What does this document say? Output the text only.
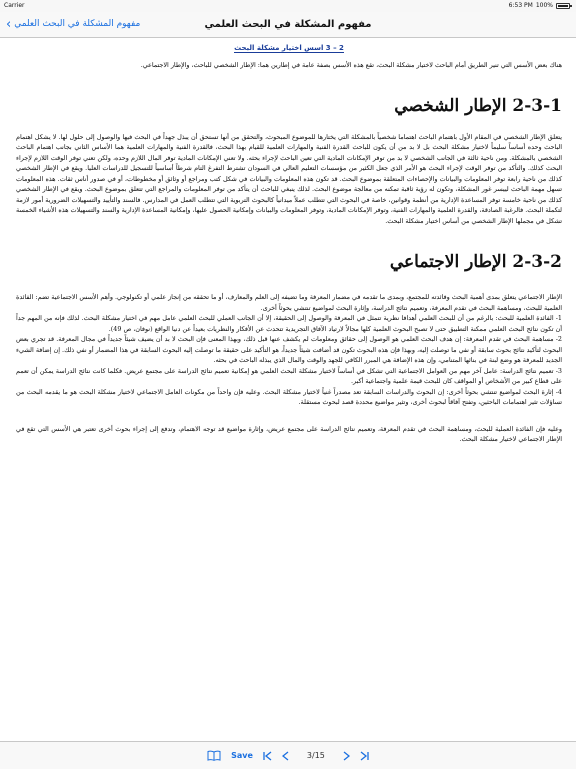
Carrier	6:53 PM 100%
مفهوم المشكلة في البحث العلمي
‹ مفهوم المشكلة في البحث العلمي
2 – 3 اسس اختيار مشكلة البحث

هناك بعض الأسس التي تنير الطريق أمام الباحث لاختيار مشكلة البحث، تقع هذه الأسس بصفة عامة في إطارين هما: الإطار الشخصي للباحث، والإطار الاجتماعي.

2-3-1 الإطار الشخصي

يتعلق الإطار الشخصي في المقام الأول باهتمام الباحث اهتماما شخصياً بالمشكلة التي يختارها للموضوع المبحوث، والتحقق من أنها تستحق أن يبذل جهداً في البحث فيها والوصول إلى حلول لها. لا يشكل اهتمام الباحث وحده أساساً سليماً لاختيار مشكلة البحث بل لا بد من أن يكون للباحث القدرة الفنية والمهارات العلمية للقيام بهذا البحث، فالقدرة الفنية والمهارات العلمية هما الأساس الثاني بجانب اهتمام الباحث الشخصي بالمشكلة. ومن ناحية ثالثة في الجانب الشخصي لا بد من توفر الإمكانات المادية التي تعين الباحث لإجراء بحثه. ولا تعني الإمكانات المادية توفر المال اللازم وحده، ولكن تعني توفر الوقت اللازم لإجراء البحث كذلك. والتأكد من توفر الوقت لإجراء البحث هو الأمر الذي جعل الكثير من مؤسسات التعليم العالي في السودان تشترط التفرغ التام شرطاً أساسياً للتسجيل للدراسات العليا. ويقع في الإطار الشخصي كذلك من ناحية رابعة توفر المعلومات والبيانات والإحصاءات المتعلقة بموضوع البحث. قد تكون هذه المعلومات والبيانات في شكل كتب ومراجع أو وثائق أو مخطوطات، أو في صدور أناس ثقات. هذه المعلومات تسهل مهمة الباحث لييسر غور المشكلة، وتكون له رؤية ثاقبة تمكنه من معالجة موضوع البحث. لذلك ينبغي للباحث أن يتأكد من توفر المعلومات والمراجع التي تتعلق بموضوع البحث. ويقع في الإطار الشخصي كذلك من ناحية خامسة توفر المساعدة الإدارية من أنظمة وقوانين، خاصة في البحوث التي تتطلب عملاً ميدانياً كالبحوث التربوية التي تتطلب العمل في المدارس. فالسند والتأييد والتسهيلات الضرورية أمور لازمة لتكملة البحث. فالرغبة الصادقة، والقدرة العلمية والمهارات الفنية، وتوفر الإمكانات المادية، وتوفر المعلومات والبيانات وإمكانية الحصول عليها، وإمكانية المساعدة الإدارية والسند والتسهيلات هذه الأشياء الخمسة تشكل في مجملها الإطار الشخصي من أساس اختيار مشكلة البحث.

2-3-2 الإطار الاجتماعي

الإطار الاجتماعي يتعلق بمدى أهمية البحث وفائدته للمجتمع، وبمدى ما تقدمه في مضمار المعرفة وما تضيفه إلى العلم والمعارف، أو ما تحققه من إنجاز علمي أو تكنولوجي. وأهم الأسس الاجتماعية تضم: الفائدة العلمية للبحث، ومساهمة البحث في تقدم المعرفة، وتعميم نتائج الدراسة، وإثارة البحث لمواضيع تنتشي بحوثاً أخرى.

1- الفائدة العلمية للبحث: بالرغم من أن للبحث العلمي أهدافا نظرية تتمثل في المعرفة والوصول إلى الحقيقة، إلا أن الجانب العملي للبحث العلمي عامل مهم في اختيار مشكلة البحث. لذلك فإنه من المهم جداً أن تكون نتائج البحث العلمي ممكنة التطبيق حتى لا تصبح البحوث العلمية كلها مجالاً لارتياد الآفاق التجريدية تتحدث عن الأفكار والنظريات بعيداً عن دنيا الواقع (نوفان، ص 49).

2- مساهمة البحث في تقدم المعرفة: إن هدف البحث العلمي هو الوصول إلى حقائق ومعلومات لم يكشف عنها قبل ذلك، وبهذا المعنى فإن البحث لا بد أن يضيف شيئاً جديداً في مجال المعرفة. قد تجري بعض البحوث لتأكيد نتائج بحوث سابقة أو نفي ما توصلت إليه، وبهذا فإن هذه البحوث تكون قد أضافت شيئاً جديداً، هو التأكيد على حقيقة ما توصلت إليه البحوث السابقة في هذا المضمار أو نفي ذلك. إن إضافة الشيء الجديد للمعرفة هو وضع لبنة في بنائها المتنامي، وإن هذه الإضافة هي المبرر الكافي للجهد والوقت والمال الذي يبذله الباحث في بحثه.

3- تعميم نتائج الدراسة: عامل آخر مهم من العوامل الاجتماعية التي تشكل في أساساً لاختيار مشكلة البحث العلمي هو إمكانية تعميم نتائج الدراسة على مجتمع عريض. فكلما كانت نتائج الدراسة يمكن أن تعمم على قطاع كبير من الأشخاص أو المواقف كان للبحث قيمة علمية واجتماعية أكبر.

4- إثارة البحث لمواضيع تنتشي بحوثاً أخرى: إن البحوث والدراسات السابقة تعد مصدراً غنياً لاختيار مشكلة البحث. وعليه فإن واحداً من مكونات العامل الاجتماعي لاختيار مشكلة البحث هو ما يقدمه البحث من تساؤلات تثير اهتمامات الباحثين، وتفتح آفاقاً لبحوث أخرى، وتثير مواضيع محددة قصد لبحوث مستقلة.

وعليه فإن الفائدة العملية للبحث، ومساهمة البحث في تقدم المعرفة، وتعميم نتائج الدراسة على مجتمع عريض، وإثارة مواضيع قد توجه الاهتمام، وتدفع إلى إجراء بحوث أخرى تعتبر هي الأسس التي تقع في الإطار الاجتماعي لاختيار مشكلة البحث.

Save	3/15
